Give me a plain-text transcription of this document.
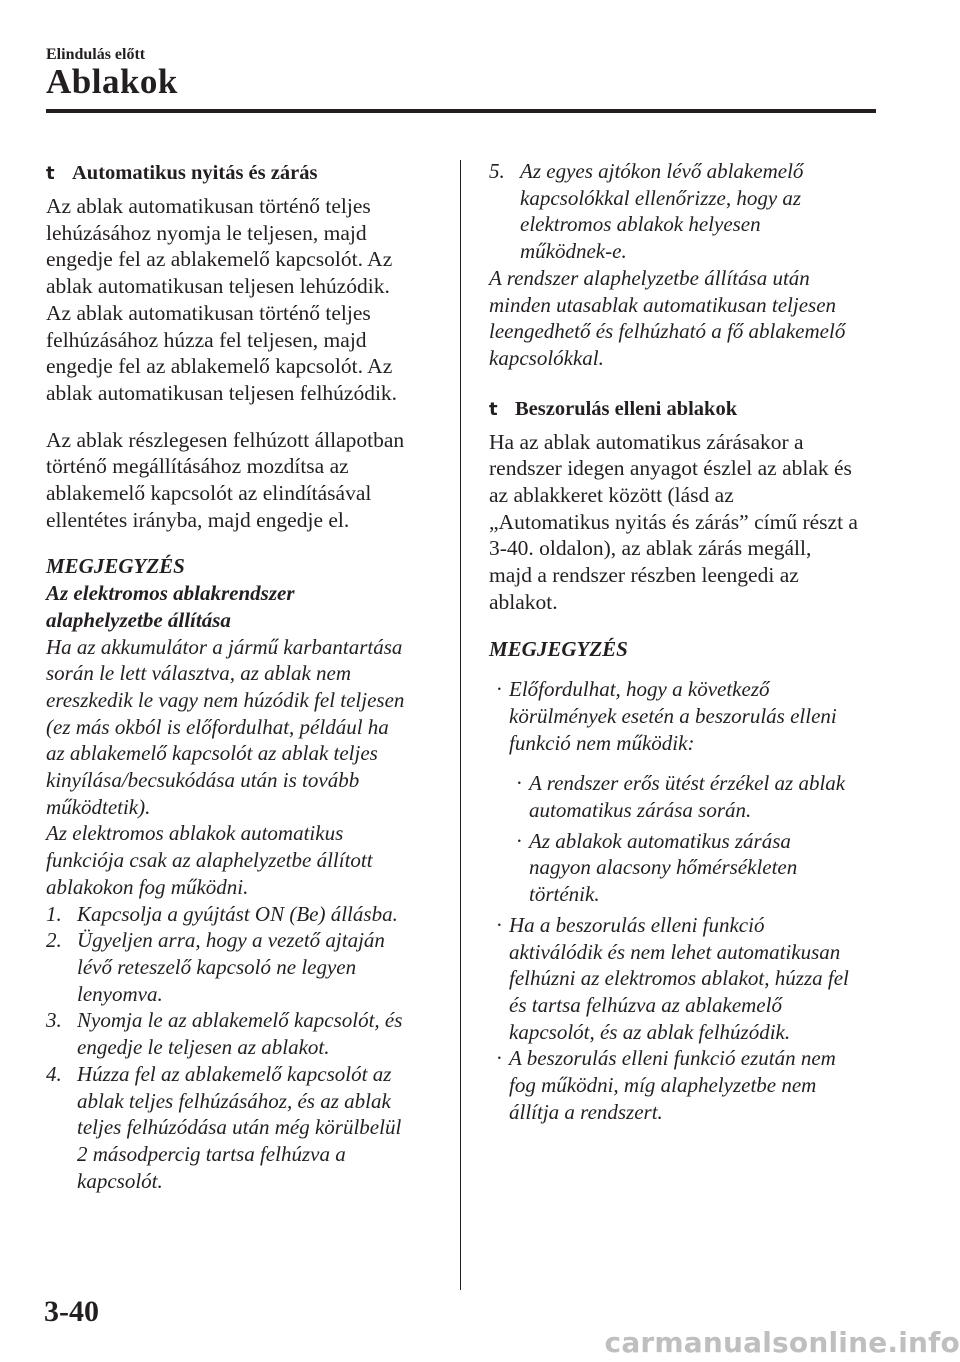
Elindulás előtt
Ablakok
t Automatikus nyitás és zárás

Az ablak automatikusan történő teljes
lehúzásához nyomja le teljesen, majd
engedje fel az ablakemelő kapcsolót. Az
ablak automatikusan teljesen lehúzódik.
Az ablak automatikusan történő teljes
felhúzásához húzza fel teljesen, majd
engedje fel az ablakemelő kapcsolót. Az
ablak automatikusan teljesen felhúzódik.

Az ablak részlegesen felhúzott állapotban
történő megállításához mozdítsa az
ablakemelő kapcsolót az elindításával
ellentétes irányba, majd engedje el.

MEGJEGYZÉS
Az elektromos ablakrendszer
alaphelyzetbe állítása
Ha az akkumulátor a jármű karbantartása
során le lett választva, az ablak nem
ereszkedik le vagy nem húzódik fel teljesen
(ez más okból is előfordulhat, például ha
az ablakemelő kapcsolót az ablak teljes
kinyílása/becsukódása után is tovább
működtetik).
Az elektromos ablakok automatikus
funkciója csak az alaphelyzetbe állított
ablakokon fog működni.
1. Kapcsolja a gyújtást ON (Be) állásba.
2. Ügyeljen arra, hogy a vezető ajtaján
lévő reteszelő kapcsoló ne legyen
lenyomva.
3. Nyomja le az ablakemelő kapcsolót, és
engedje le teljesen az ablakot.
4. Húzza fel az ablakemelő kapcsolót az
ablak teljes felhúzásához, és az ablak
teljes felhúzódása után még körülbelül
2 másodpercig tartsa felhúzva a
kapcsolót.
5. Az egyes ajtókon lévő ablakemelő
kapcsolókkal ellenőrizze, hogy az
elektromos ablakok helyesen
működnek-e.
A rendszer alaphelyzetbe állítása után
minden utasablak automatikusan teljesen
leengedhető és felhúzható a fő ablakemelő
kapcsolókkal.
t Beszorulás elleni ablakok

Ha az ablak automatikus zárásakor a
rendszer idegen anyagot észlel az ablak és
az ablakkeret között (lásd az
„Automatikus nyitás és zárás” című részt a
3-40. oldalon), az ablak zárás megáll,
majd a rendszer részben leengedi az
ablakot.

MEGJEGYZÉS
· Előfordulhat, hogy a következő
körülmények esetén a beszorulás elleni
funkció nem működik:
· A rendszer erős ütést érzékel az ablak
automatikus zárása során.
· Az ablakok automatikus zárása
nagyon alacsony hőmérsékleten
történik.
· Ha a beszorulás elleni funkció
aktiválódik és nem lehet automatikusan
felhúzni az elektromos ablakot, húzza fel
és tartsa felhúzva az ablakemelő
kapcsolót, és az ablak felhúzódik.
· A beszorulás elleni funkció ezután nem
fog működni, míg alaphelyzetbe nem
állítja a rendszert.
3-40
carmanualsonline.info
